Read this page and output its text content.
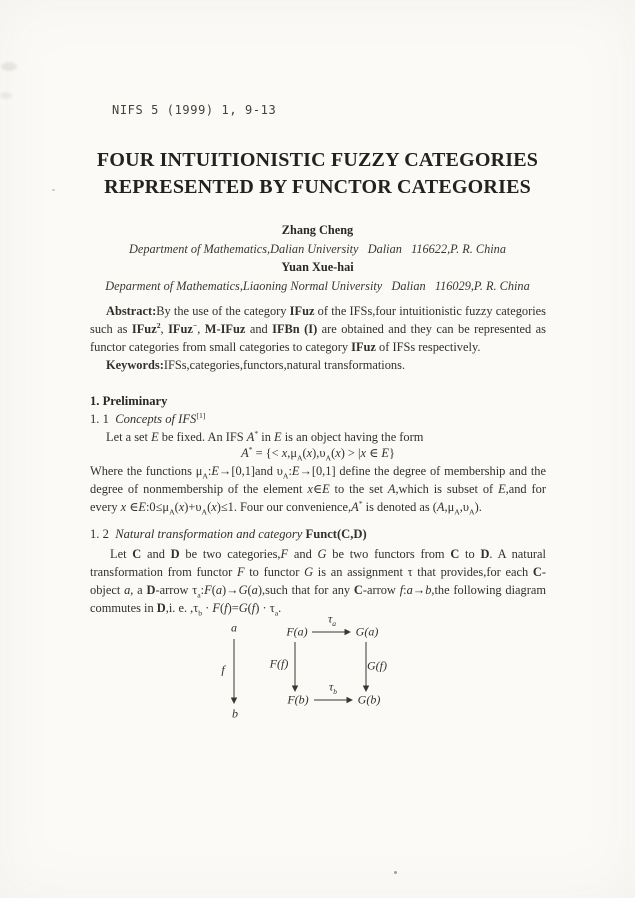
NIFS 5 (1999) 1, 9-13
FOUR INTUITIONISTIC FUZZY CATEGORIES
REPRESENTED BY FUNCTOR CATEGORIES
Zhang Cheng
Department of Mathematics,Dalian University   Dalian   116622,P. R. China
Yuan Xue-hai
Deparment of Mathematics,Liaoning Normal University   Dalian   116029,P. R. China

Abstract:By the use of the category IFuz of the IFSs,four intuitionistic fuzzy categories such as IFuz$^2$, IFuz−, M-IFuz and IFBn (I) are obtained and they can be represented as functor categories from small categories to category IFuz of IFSs respectively.

Keywords:IFSs,categories,functors,natural transformations.

1. Preliminary
1. 1  Concepts of IFS[1]

Let a set E be fixed. An IFS A* in E is an object having the form

A* = {< $x,\mu_A(x),\upsilon_A(x) > |x$ ∈ E}

Where the functions $\mu_A:E\to[0,1]and$ $\upsilon_A:E\to[0,1]$ define the degree of membership and the degree of nonmembership of the element x∈E to the set A,which is subset of E,and for every x $\in E:0\le\mu_A(x)+\upsilon_A(x)\le 1$. Four our convenience,A* is denoted as $(A,\mu_A,\upsilon_A)$.

1. 2  Natural transformation and category Funct(C,D)

Let C and D be two categories,F and G be two functors from C to D. A natural transformation from functor F to functor G is an assignment τ that provides,for each C-object a, a D-arrow $\tau_a:F(a)\to G(a),such$ that for any C-arrow f:a→b,the following diagram commutes in D,i. e. $,\tau_b \cdot F(f)=G(f) \cdot \tau_a$.

a
b
f
F(a)	G(a)
F(b)	G(b)
$\tau_a$
$\tau_b$
F(f)	G(f)
